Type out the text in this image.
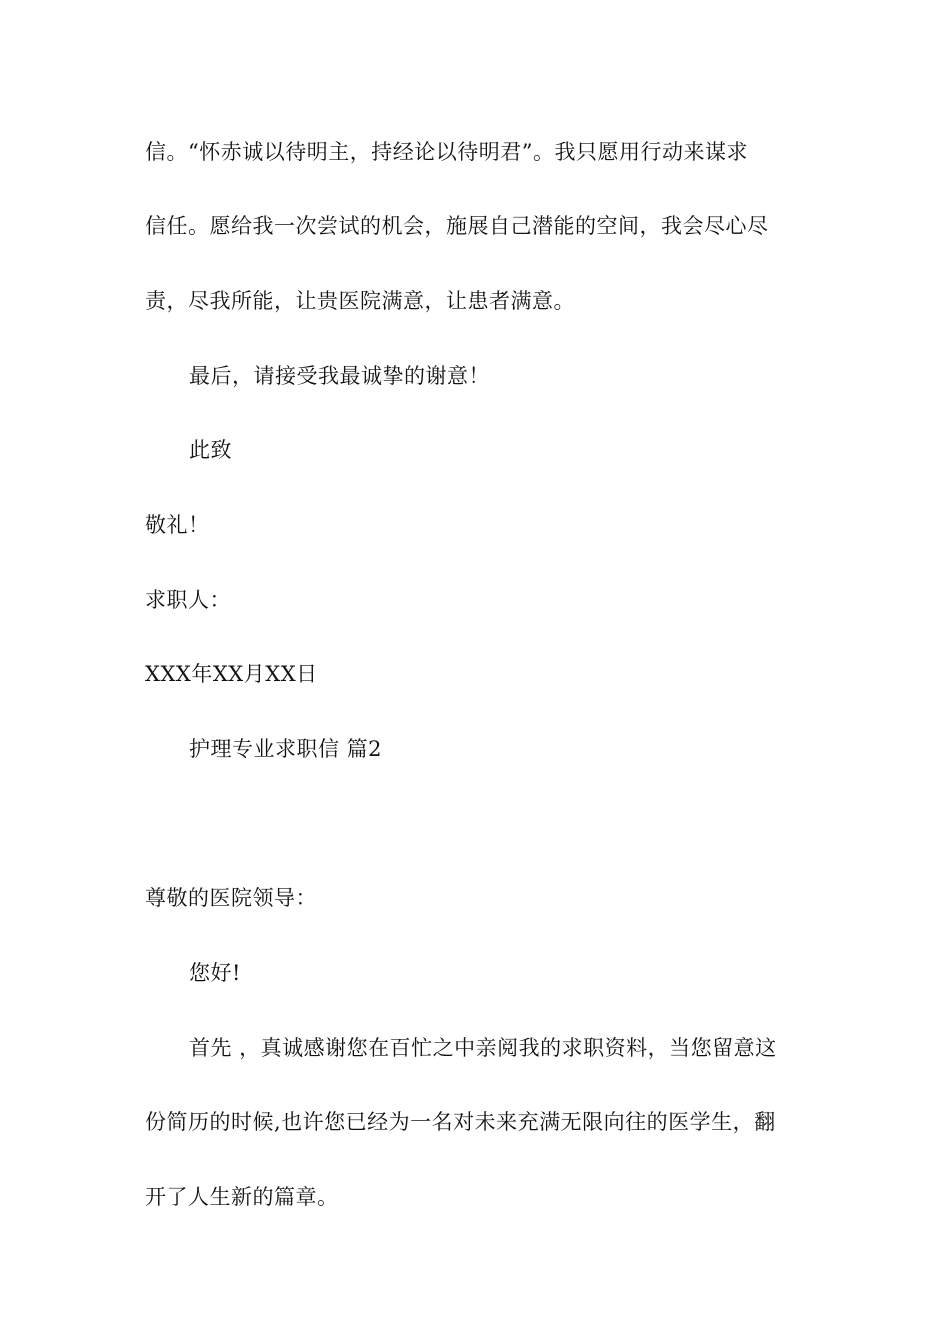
信。“怀赤诚以待明主，持经论以待明君”。我只愿用行动来谋求
信任。愿给我一次尝试的机会，施展自己潜能的空间，我会尽心尽
责，尽我所能，让贵医院满意，让患者满意。
最后，请接受我最诚挚的谢意！
此致
敬礼！
求职人：
XXX年XX月XX日
护理专业求职信 篇2
尊敬的医院领导：
您好!
首先 ，真诚感谢您在百忙之中亲阅我的求职资料，当您留意这
份简历的时候,也许您已经为一名对未来充满无限向往的医学生，翻
开了人生新的篇章。
